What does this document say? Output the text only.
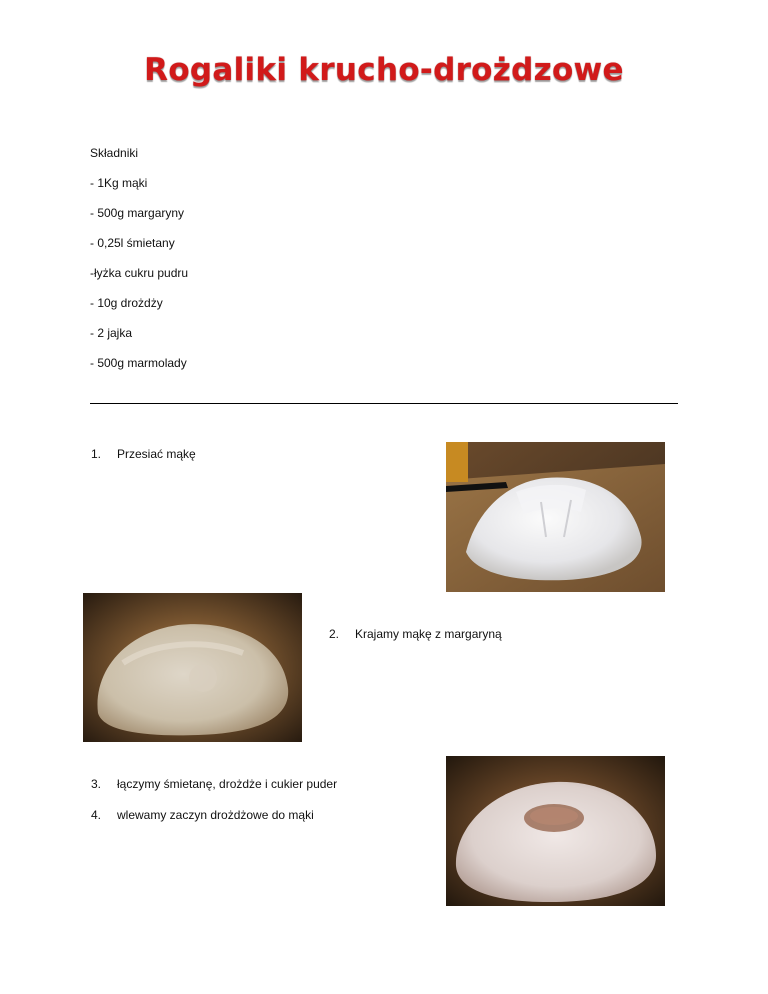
Rogaliki krucho-drożdzowe
Składniki
- 1Kg mąki
- 500g margaryny
- 0,25l śmietany
-łyżka cukru pudru
- 10g drożdży
- 2 jajka
- 500g marmolady
1. Przesiać mąkę
2. Krajamy mąkę z margaryną
3. łączymy śmietanę, drożdże i cukier puder
4. wlewamy zaczyn drożdżowe do mąki
